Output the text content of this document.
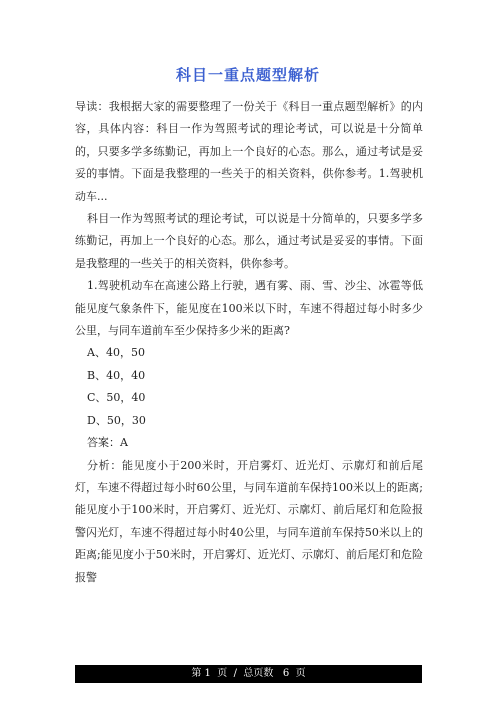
科目一重点题型解析

导读：我根据大家的需要整理了一份关于《科目一重点题型解析》的内容，具体内容：科目一作为驾照考试的理论考试，可以说是十分简单的，只要多学多练勤记，再加上一个良好的心态。那么，通过考试是妥妥的事情。下面是我整理的一些关于的相关资料，供你参考。1.驾驶机动车...

科目一作为驾照考试的理论考试，可以说是十分简单的，只要多学多练勤记，再加上一个良好的心态。那么，通过考试是妥妥的事情。下面是我整理的一些关于的相关资料，供你参考。

1.驾驶机动车在高速公路上行驶，遇有雾、雨、雪、沙尘、冰雹等低能见度气象条件下，能见度在100米以下时，车速不得超过每小时多少公里，与同车道前车至少保持多少米的距离?

A、40，50

B、40，40

C、50，40

D、50，30

答案：A

分析：能见度小于200米时，开启雾灯、近光灯、示廓灯和前后尾灯，车速不得超过每小时60公里，与同车道前车保持100米以上的距离;能见度小于100米时，开启雾灯、近光灯、示廓灯、前后尾灯和危险报警闪光灯，车速不得超过每小时40公里，与同车道前车保持50米以上的距离;能见度小于50米时，开启雾灯、近光灯、示廓灯、前后尾灯和危险报警

第 1  页  /  总页数   6  页
